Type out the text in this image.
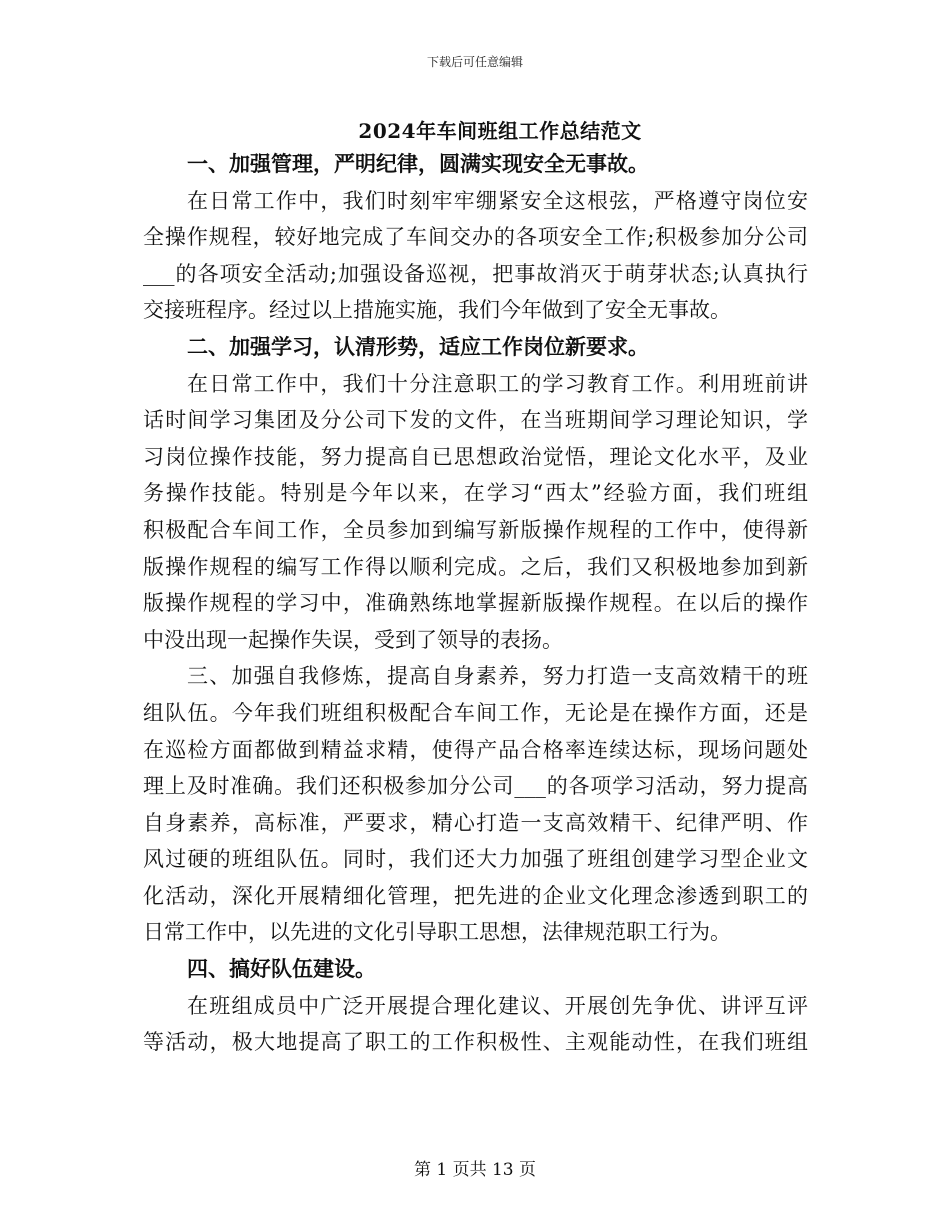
下载后可任意编辑
2024年车间班组工作总结范文
一、加强管理，严明纪律，圆满实现安全无事故。
在日常工作中，我们时刻牢牢绷紧安全这根弦，严格遵守岗位安
全操作规程，较好地完成了车间交办的各项安全工作;积极参加分公司
___的各项安全活动;加强设备巡视，把事故消灭于萌芽状态;认真执行
交接班程序。经过以上措施实施，我们今年做到了安全无事故。
二、加强学习，认清形势，适应工作岗位新要求。
在日常工作中，我们十分注意职工的学习教育工作。利用班前讲
话时间学习集团及分公司下发的文件，在当班期间学习理论知识，学
习岗位操作技能，努力提高自已思想政治觉悟，理论文化水平，及业
务操作技能。特别是今年以来，在学习“西太”经验方面，我们班组
积极配合车间工作，全员参加到编写新版操作规程的工作中，使得新
版操作规程的编写工作得以顺利完成。之后，我们又积极地参加到新
版操作规程的学习中，准确熟练地掌握新版操作规程。在以后的操作
中没出现一起操作失误，受到了领导的表扬。
三、加强自我修炼，提高自身素养，努力打造一支高效精干的班
组队伍。今年我们班组积极配合车间工作，无论是在操作方面，还是
在巡检方面都做到精益求精，使得产品合格率连续达标，现场问题处
理上及时准确。我们还积极参加分公司___的各项学习活动，努力提高
自身素养，高标准，严要求，精心打造一支高效精干、纪律严明、作
风过硬的班组队伍。同时，我们还大力加强了班组创建学习型企业文
化活动，深化开展精细化管理，把先进的企业文化理念渗透到职工的
日常工作中，以先进的文化引导职工思想，法律规范职工行为。
四、搞好队伍建设。
在班组成员中广泛开展提合理化建议、开展创先争优、讲评互评
等活动，极大地提高了职工的工作积极性、主观能动性，在我们班组
第 1 页共 13 页
